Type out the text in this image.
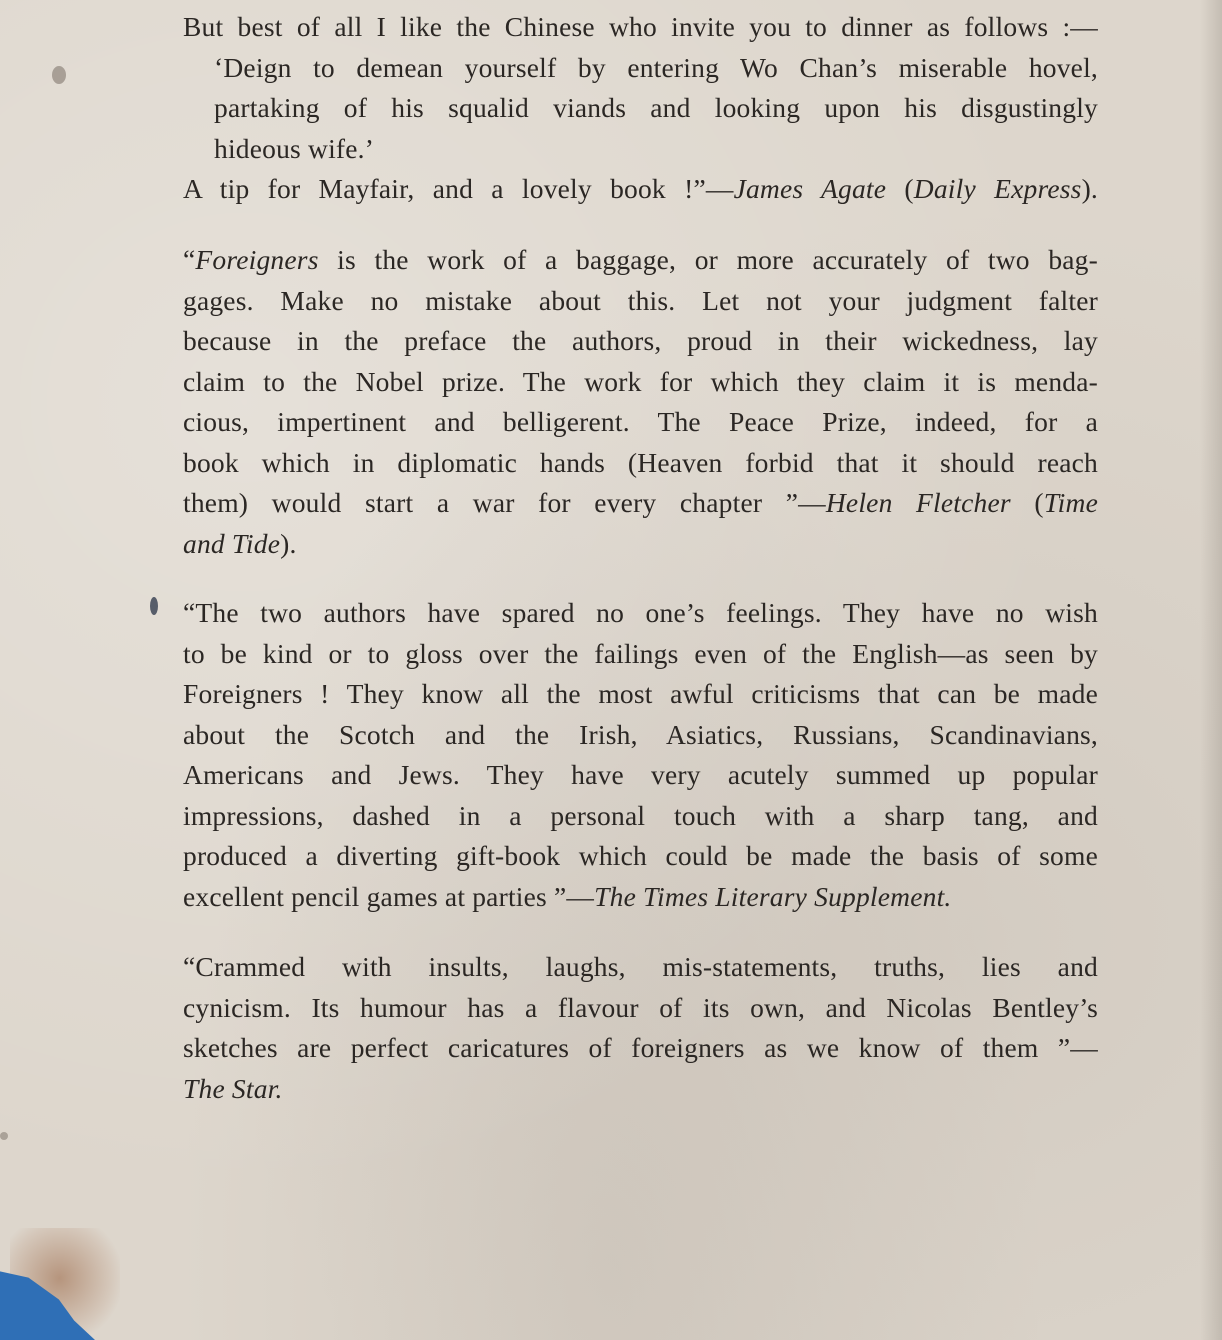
But best of all I like the Chinese who invite you to dinner as follows :—
‘Deign to demean yourself by entering Wo Chan’s miserable hovel,
partaking of his squalid viands and looking upon his disgustingly
hideous wife.’
A tip for Mayfair, and a lovely book !”—James Agate (Daily Express).
“Foreigners is the work of a baggage, or more accurately of two bag-
gages. Make no mistake about this. Let not your judgment falter
because in the preface the authors, proud in their wickedness, lay
claim to the Nobel prize. The work for which they claim it is menda-
cious, impertinent and belligerent. The Peace Prize, indeed, for a
book which in diplomatic hands (Heaven forbid that it should reach
them) would start a war for every chapter ”—Helen Fletcher (Time
and Tide).
“The two authors have spared no one’s feelings. They have no wish
to be kind or to gloss over the failings even of the English—as seen by
Foreigners ! They know all the most awful criticisms that can be made
about the Scotch and the Irish, Asiatics, Russians, Scandinavians,
Americans and Jews. They have very acutely summed up popular
impressions, dashed in a personal touch with a sharp tang, and
produced a diverting gift-book which could be made the basis of some
excellent pencil games at parties ”—The Times Literary Supplement.
“Crammed with insults, laughs, mis-statements, truths, lies and
cynicism. Its humour has a flavour of its own, and Nicolas Bentley’s
sketches are perfect caricatures of foreigners as we know of them ”—
The Star.
